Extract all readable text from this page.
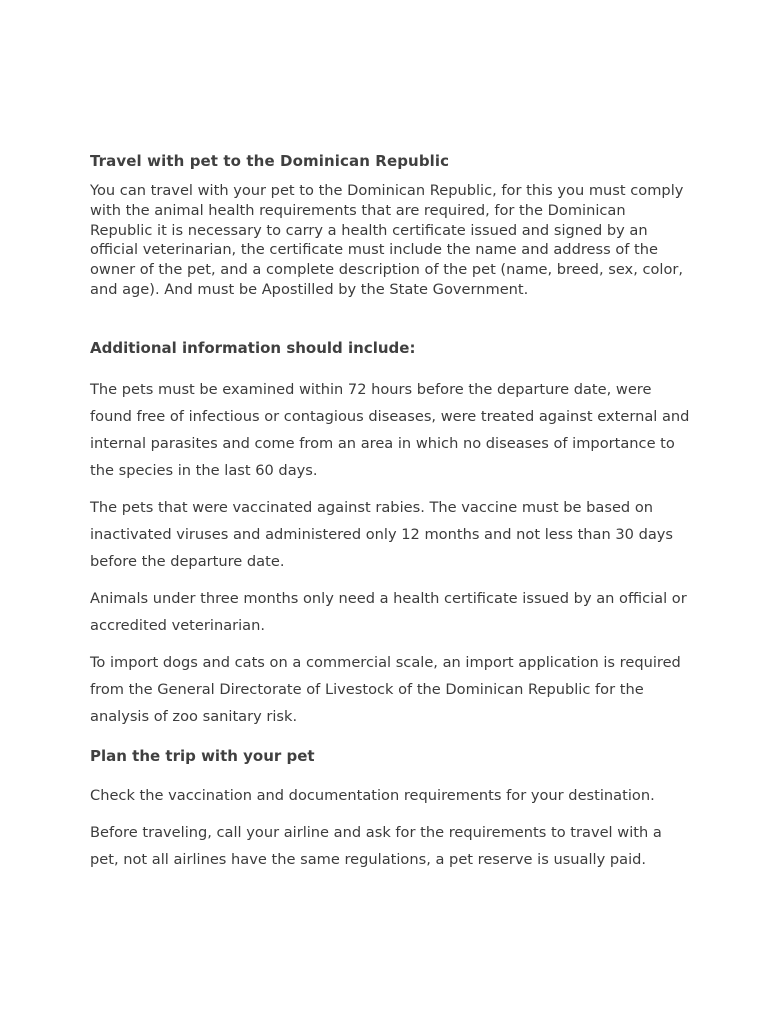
Travel with pet to the Dominican Republic

You can travel with your pet to the Dominican Republic, for this you must comply with the animal health requirements that are required, for the Dominican Republic it is necessary to carry a health certificate issued and signed by an official veterinarian, the certificate must include the name and address of the owner of the pet, and a complete description of the pet (name, breed, sex, color, and age). And must be Apostilled by the State Government.

Additional information should include:

The pets must be examined within 72 hours before the departure date, were found free of infectious or contagious diseases, were treated against external and internal parasites and come from an area in which no diseases of importance to the species in the last 60 days.

The pets that were vaccinated against rabies. The vaccine must be based on inactivated viruses and administered only 12 months and not less than 30 days before the departure date.

Animals under three months only need a health certificate issued by an official or accredited veterinarian.

To import dogs and cats on a commercial scale, an import application is required from the General Directorate of Livestock of the Dominican Republic for the analysis of zoo sanitary risk.

Plan the trip with your pet

Check the vaccination and documentation requirements for your destination.

Before traveling, call your airline and ask for the requirements to travel with a pet, not all airlines have the same regulations, a pet reserve is usually paid.
